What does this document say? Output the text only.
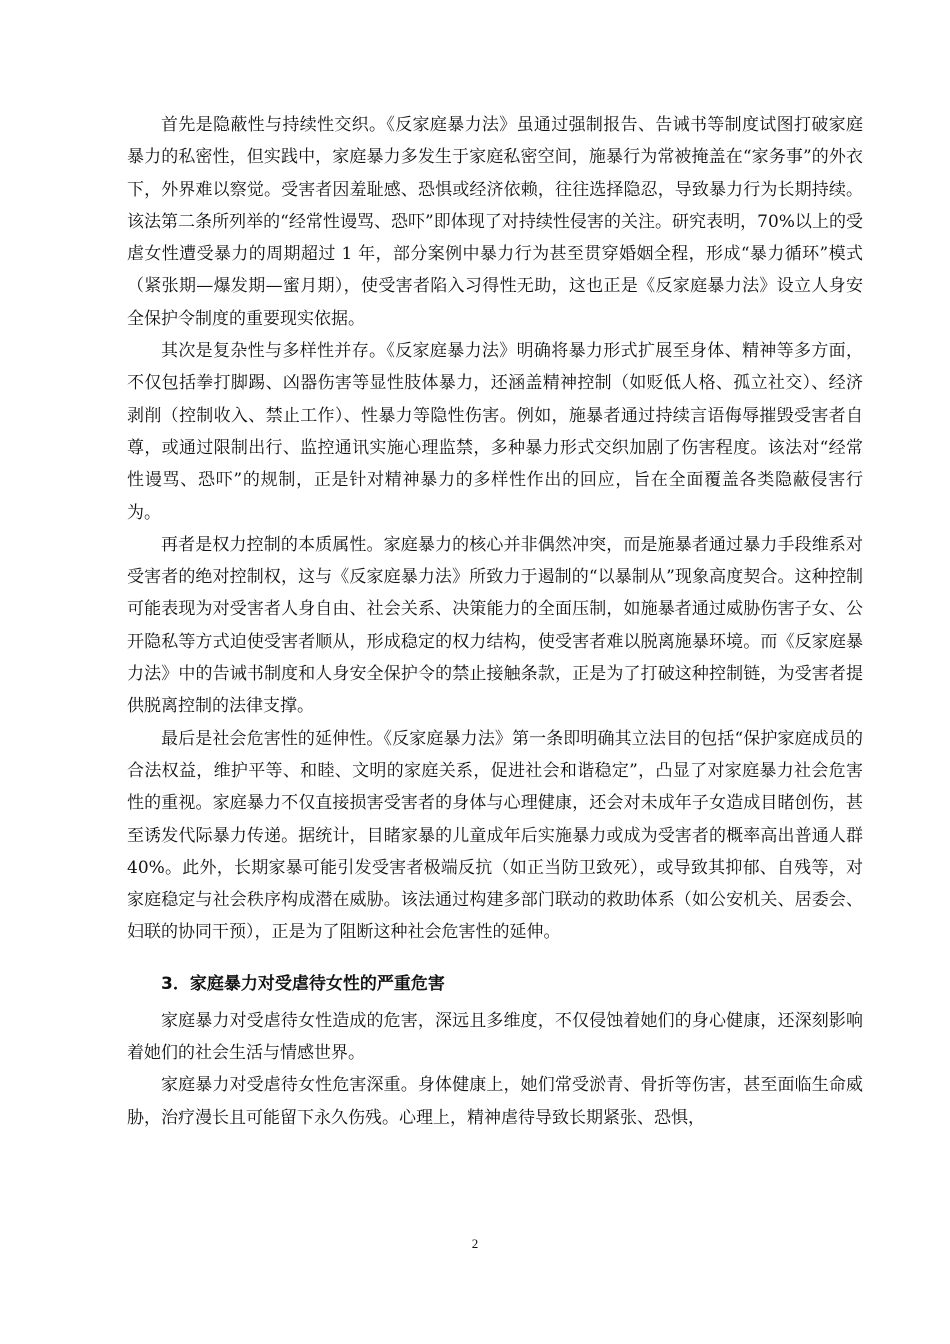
首先是隐蔽性与持续性交织。《反家庭暴力法》虽通过强制报告、告诫书等制度试图打破家庭暴力的私密性，但实践中，家庭暴力多发生于家庭私密空间，施暴行为常被掩盖在“家务事”的外衣下，外界难以察觉。受害者因羞耻感、恐惧或经济依赖，往往选择隐忍，导致暴力行为长期持续。该法第二条所列举的“经常性谩骂、恐吓”即体现了对持续性侵害的关注。研究表明，70%以上的受虐女性遭受暴力的周期超过 1 年，部分案例中暴力行为甚至贯穿婚姻全程，形成“暴力循环”模式（紧张期—爆发期—蜜月期），使受害者陷入习得性无助，这也正是《反家庭暴力法》设立人身安全保护令制度的重要现实依据。

其次是复杂性与多样性并存。《反家庭暴力法》明确将暴力形式扩展至身体、精神等多方面，不仅包括拳打脚踢、凶器伤害等显性肢体暴力，还涵盖精神控制（如贬低人格、孤立社交）、经济剥削（控制收入、禁止工作）、性暴力等隐性伤害。例如，施暴者通过持续言语侮辱摧毁受害者自尊，或通过限制出行、监控通讯实施心理监禁，多种暴力形式交织加剧了伤害程度。该法对“经常性谩骂、恐吓”的规制，正是针对精神暴力的多样性作出的回应，旨在全面覆盖各类隐蔽侵害行为。

再者是权力控制的本质属性。家庭暴力的核心并非偶然冲突，而是施暴者通过暴力手段维系对受害者的绝对控制权，这与《反家庭暴力法》所致力于遏制的“以暴制从”现象高度契合。这种控制可能表现为对受害者人身自由、社会关系、决策能力的全面压制，如施暴者通过威胁伤害子女、公开隐私等方式迫使受害者顺从，形成稳定的权力结构，使受害者难以脱离施暴环境。而《反家庭暴力法》中的告诫书制度和人身安全保护令的禁止接触条款，正是为了打破这种控制链，为受害者提供脱离控制的法律支撑。

最后是社会危害性的延伸性。《反家庭暴力法》第一条即明确其立法目的包括“保护家庭成员的合法权益，维护平等、和睦、文明的家庭关系，促进社会和谐稳定”，凸显了对家庭暴力社会危害性的重视。家庭暴力不仅直接损害受害者的身体与心理健康，还会对未成年子女造成目睹创伤，甚至诱发代际暴力传递。据统计，目睹家暴的儿童成年后实施暴力或成为受害者的概率高出普通人群 40%。此外，长期家暴可能引发受害者极端反抗（如正当防卫致死），或导致其抑郁、自残等，对家庭稳定与社会秩序构成潜在威胁。该法通过构建多部门联动的救助体系（如公安机关、居委会、妇联的协同干预），正是为了阻断这种社会危害性的延伸。

3．家庭暴力对受虐待女性的严重危害

家庭暴力对受虐待女性造成的危害，深远且多维度，不仅侵蚀着她们的身心健康，还深刻影响着她们的社会生活与情感世界。

家庭暴力对受虐待女性危害深重。身体健康上，她们常受淤青、骨折等伤害，甚至面临生命威胁，治疗漫长且可能留下永久伤残。心理上，精神虐待导致长期紧张、恐惧，

2
